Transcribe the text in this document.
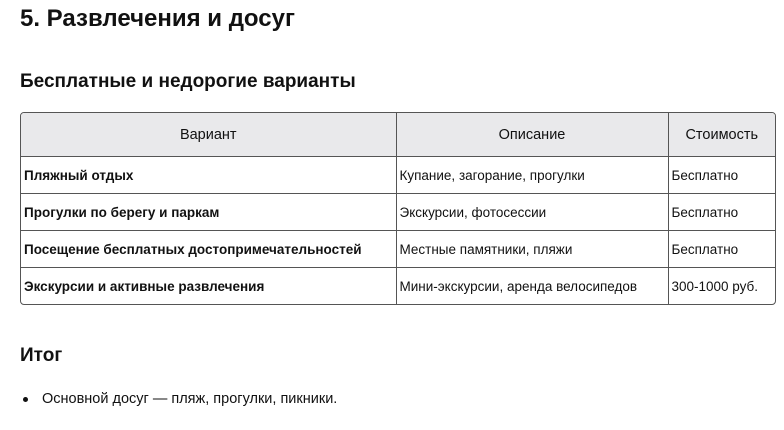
5. Развлечения и досуг
Бесплатные и недорогие варианты
Вариант	Описание	Стоимость
Пляжный отдых	Купание, загорание, прогулки	Бесплатно
Прогулки по берегу и паркам	Экскурсии, фотосессии	Бесплатно
Посещение бесплатных достопримечательностей	Местные памятники, пляжи	Бесплатно
Экскурсии и активные развлечения	Мини-экскурсии, аренда велосипедов	300-1000 руб.
Итог
Основной досуг — пляж, прогулки, пикники.
